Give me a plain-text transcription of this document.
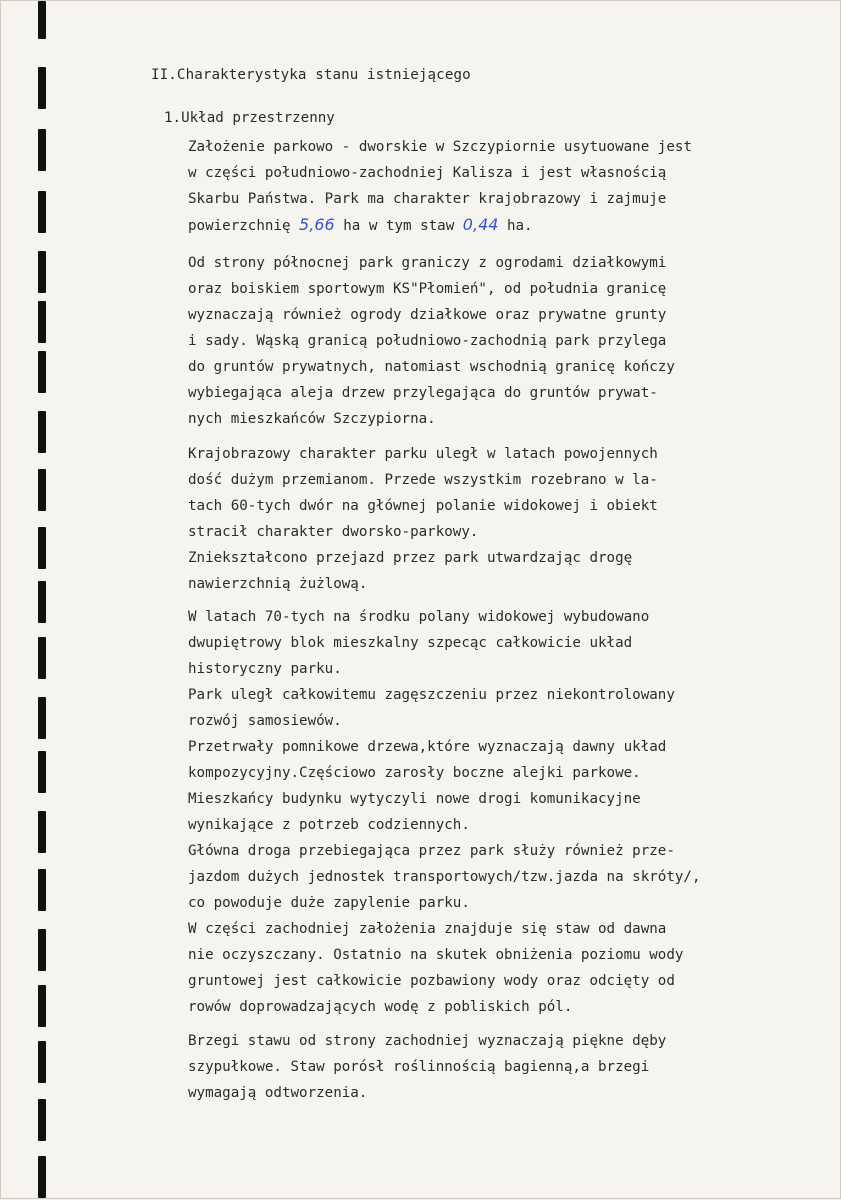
II.Charakterystyka stanu istniejącego
1.Układ przestrzenny
Założenie parkowo - dworskie w Szczypiornie usytuowane jest
w części południowo-zachodniej Kalisza i jest własnością
Skarbu Państwa. Park ma charakter krajobrazowy i zajmuje
powierzchnię 5,66 ha w tym staw 0,44 ha.
Od strony północnej park graniczy z ogrodami działkowymi
oraz boiskiem sportowym KS"Płomień", od południa granicę
wyznaczają również ogrody działkowe oraz prywatne grunty
i sady. Wąską granicą południowo-zachodnią park przylega
do gruntów prywatnych, natomiast wschodnią granicę kończy
wybiegająca aleja drzew przylegająca do gruntów prywat-
nych mieszkańców Szczypiorna.
Krajobrazowy charakter parku uległ w latach powojennych
dość dużym przemianom. Przede wszystkim rozebrano w la-
tach 60-tych dwór na głównej polanie widokowej i obiekt
stracił charakter dworsko-parkowy.
Zniekształcono przejazd przez park utwardzając drogę
nawierzchnią żużlową.
W latach 70-tych na środku polany widokowej wybudowano
dwupiętrowy blok mieszkalny szpecąc całkowicie układ
historyczny parku.
Park uległ całkowitemu zagęszczeniu przez niekontrolowany
rozwój samosiewów.
Przetrwały pomnikowe drzewa,które wyznaczają dawny układ
kompozycyjny.Częściowo zarosły boczne alejki parkowe.
Mieszkańcy budynku wytyczyli nowe drogi komunikacyjne
wynikające z potrzeb codziennych.
Główna droga przebiegająca przez park służy również prze-
jazdom dużych jednostek transportowych/tzw.jazda na skróty/,
co powoduje duże zapylenie parku.
W części zachodniej założenia znajduje się staw od dawna
nie oczyszczany. Ostatnio na skutek obniżenia poziomu wody
gruntowej jest całkowicie pozbawiony wody oraz odcięty od
rowów doprowadzających wodę z pobliskich pól.
Brzegi stawu od strony zachodniej wyznaczają piękne dęby
szypułkowe. Staw porósł roślinnością bagienną,a brzegi
wymagają odtworzenia.
